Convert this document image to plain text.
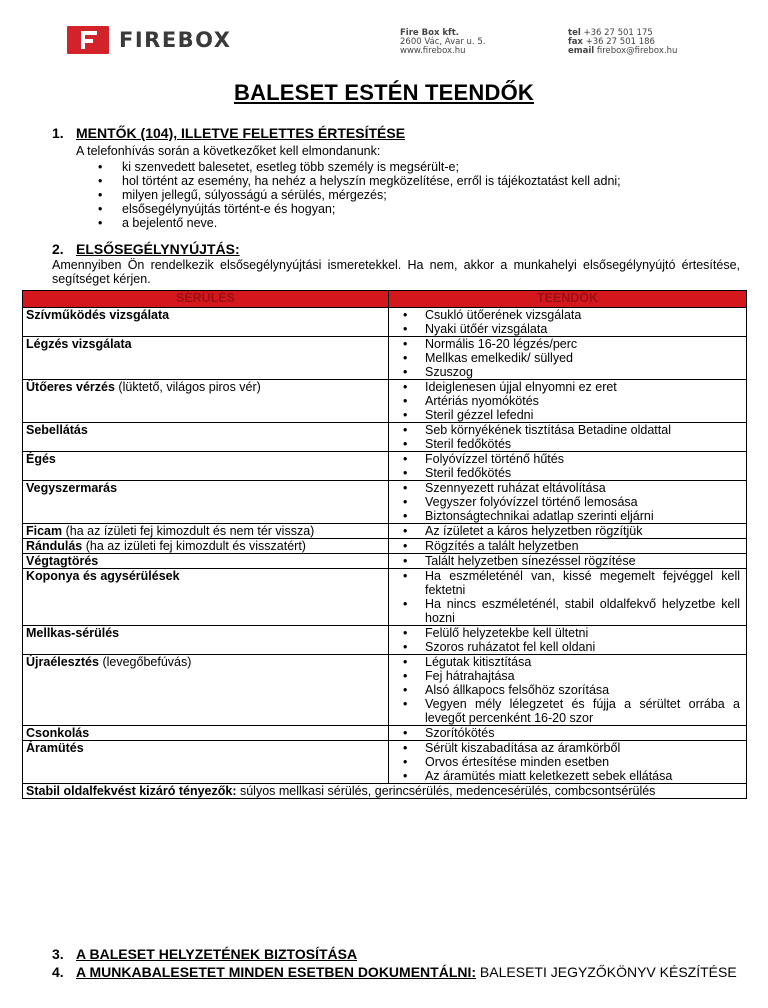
FIREBOX	Fire Box kft.
2600 Vác, Avar u. 5.
www.firebox.hu
tel +36 27 501 175
fax +36 27 501 186
email firebox@firebox.hu
BALESET ESTÉN TEENDŐK
1. MENTŐK (104), ILLETVE FELETTES ÉRTESÍTÉSE
A telefonhívás során a következőket kell elmondanunk:
• ki szenvedett balesetet, esetleg több személy is megsérült-e;
• hol történt az esemény, ha nehéz a helyszín megközelítése, erről is tájékoztatást kell adni;
• milyen jellegű, súlyosságú a sérülés, mérgezés;
• elsősegélynyújtás történt-e és hogyan;
• a bejelentő neve.
2. ELSŐSEGÉLYNYÚJTÁS:
Amennyiben Ön rendelkezik elsősegélynyújtási ismeretekkel. Ha nem, akkor a munkahelyi elsősegélynyújtó értesítése, segítséget kérjen.
SÉRÜLÉS	TEENDŐK
Szívműködés vizsgálata	• Csukló ütőerének vizsgálata
• Nyaki ütőér vizsgálata

Légzés vizsgálata	• Normális 16-20 légzés/perc
• Mellkas emelkedik/ süllyed
• Szuszog

Ütőeres vérzés (lüktető, világos piros vér)	• Ideiglenesen újjal elnyomni ez eret
• Artériás nyomókötés
• Steril gézzel lefedni

Sebellátás	• Seb környékének tisztítása Betadine oldattal
• Steril fedőkötés

Égés	• Folyóvízzel történő hűtés
• Steril fedőkötés

Vegyszermarás	• Szennyezett ruházat eltávolítása
• Vegyszer folyóvízzel történő lemosása
• Biztonságtechnikai adatlap szerinti eljárni

Ficam (ha az ízületi fej kimozdult és nem tér vissza)	• Az ízületet a káros helyzetben rögzítjük

Rándulás (ha az izületi fej kimozdult és visszatért)	• Rögzítés a talált helyzetben

Végtagtörés	• Talált helyzetben sínezéssel rögzítése

Koponya és agysérülések	• Ha eszméleténél van, kissé megemelt fejvéggel kell fektetni
• Ha nincs eszméleténél, stabil oldalfekvő helyzetbe kell hozni

Mellkas-sérülés	• Felülő helyzetekbe kell ültetni
• Szoros ruházatot fel kell oldani

Újraélesztés (levegőbefúvás)	• Légutak kitisztítása
• Fej hátrahajtása
• Alsó állkapocs felsőhöz szorítása
• Vegyen mély lélegzetet és fújja a sérültet orrába a levegőt percenként 16-20 szor

Csonkolás	• Szorítókötés

Áramütés	• Sérült kiszabadítása az áramkörből
• Orvos értesítése minden esetben
• Az áramütés miatt keletkezett sebek ellátása

Stabil oldalfekvést kizáró tényezők: súlyos mellkasi sérülés, gerincsérülés, medencesérülés, combcsontsérülés	
3. A BALESET HELYZETÉNEK BIZTOSÍTÁSA
4. A MUNKABALESETET MINDEN ESETBEN DOKUMENTÁLNI: BALESETI JEGYZŐKÖNYV KÉSZÍTÉSE
